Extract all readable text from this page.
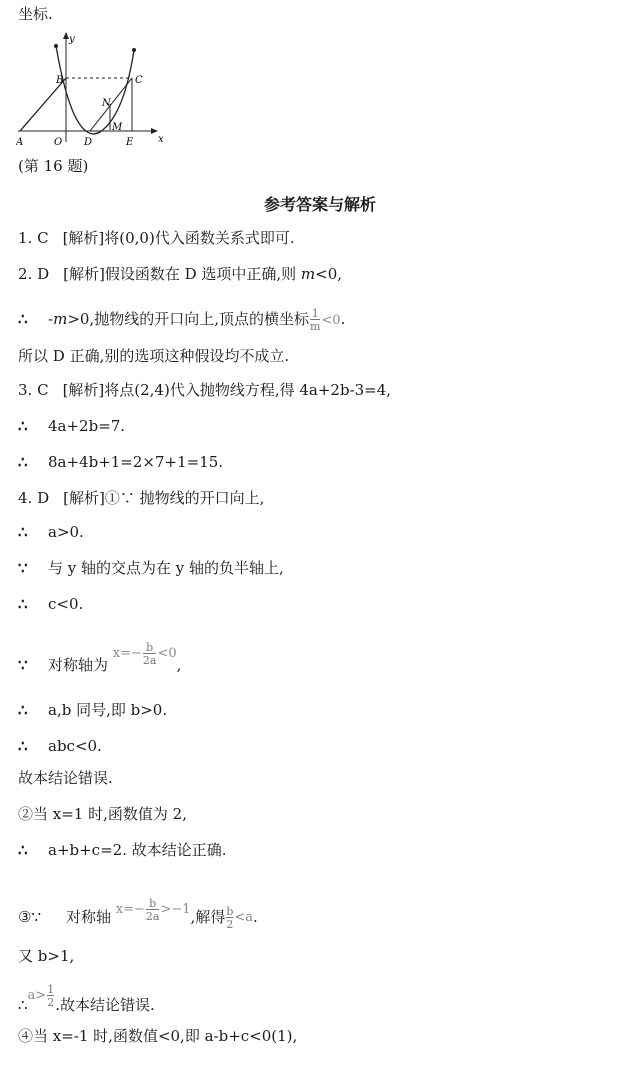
坐标.
y
x
A	O D	E
B	C
N
M
(第 16 题)
参考答案与解析
1. C [解析]将(0,0)代入函数关系式即可.
2. D [解析]假设函数在 D 选项中正确,则 m<0,
∴ -m>0,抛物线的开口向上,顶点的横坐标 $\frac{1}{m} <0$.
所以 D 正确,别的选项这种假设均不成立.
3. C [解析]将点(2,4)代入抛物线方程,得 4a+2b-3=4,
∴ 4a+2b=7.
∴ 8a+4b+1=2×7+1=15.
4. D [解析]①∵ 抛物线的开口向上,
∴ a>0.
∵ 与 y 轴的交点为在 y 轴的负半轴上,
∴ c<0.
∵ 对称轴为
$x=- \frac{b}{2a} <0$
,
∴ a,b 同号,即 b>0.
∴ abc<0.
故本结论错误.
②当 x=1 时,函数值为 2,
∴ a+b+c=2. 故本结论正确.
③∵ 对称轴 $x=- \frac{b}{2a} >-1$ ,解得 $\frac{b}{2} <a$ .
又 b>1,
∴
$a> \frac{1}{2}$ .故本结论错误.
④当 x=-1 时,函数值<0,即 a-b+c<0(1),
